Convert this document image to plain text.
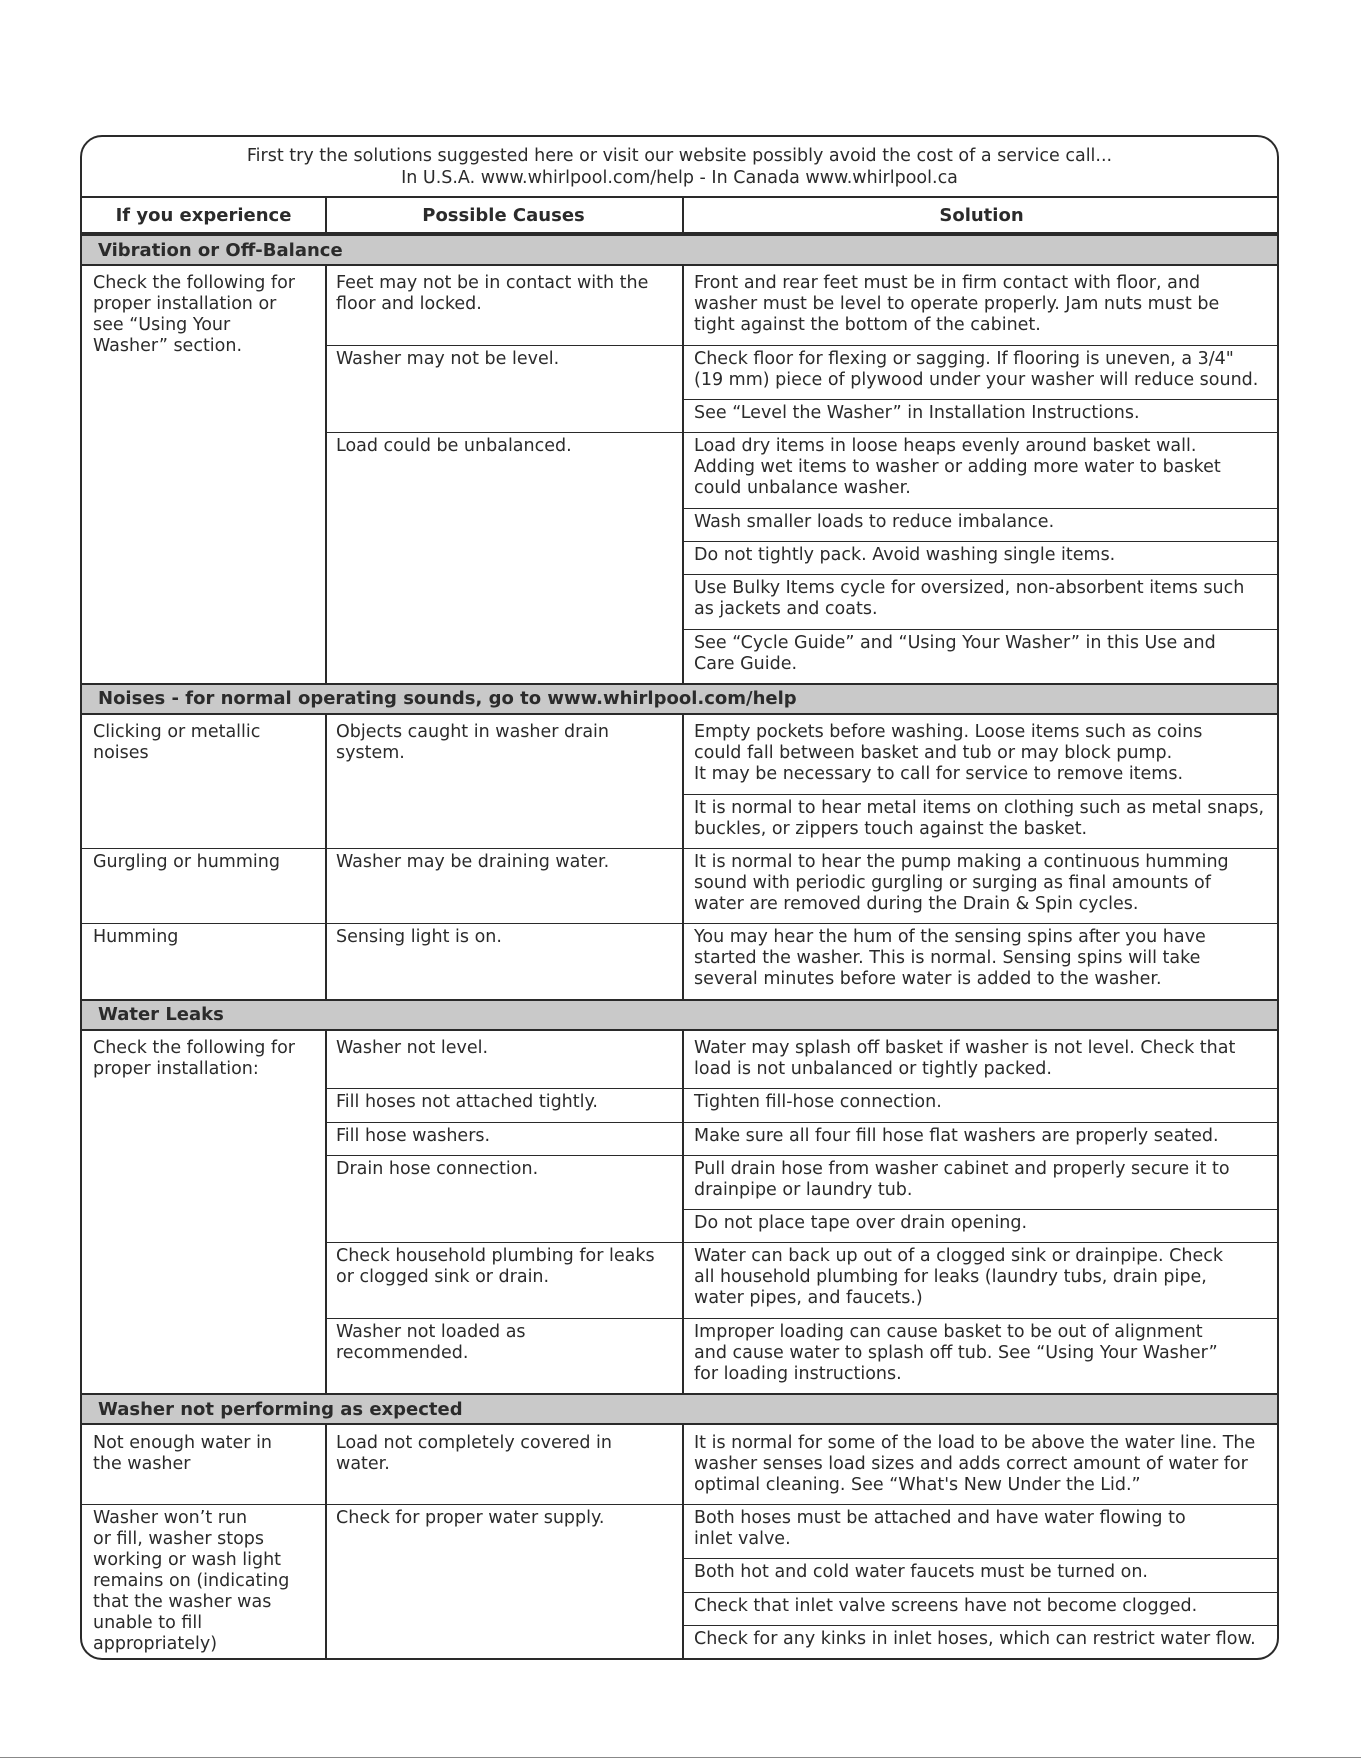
First try the solutions suggested here or visit our website possibly avoid the cost of a service call...
In U.S.A. www.whirlpool.com/help - In Canada www.whirlpool.ca
If you experience	Possible Causes	Solution
Vibration or Off-Balance
Front and rear feet must be in firm contact with floor, and
washer must be level to operate properly. Jam nuts must be
tight against the bottom of the cabinet.
Feet may not be in contact with the
floor and locked.
Check floor for flexing or sagging. If flooring is uneven, a 3/4"
(19 mm) piece of plywood under your washer will reduce sound.
See “Level the Washer” in Installation Instructions.
Washer may not be level.
Load dry items in loose heaps evenly around basket wall.
Adding wet items to washer or adding more water to basket
could unbalance washer.
Wash smaller loads to reduce imbalance.
Do not tightly pack. Avoid washing single items.
Use Bulky Items cycle for oversized, non-absorbent items such
as jackets and coats.
See “Cycle Guide” and “Using Your Washer” in this Use and
Care Guide.
Load could be unbalanced.
Check the following for
proper installation or
see “Using Your
Washer” section.
Noises - for normal operating sounds, go to www.whirlpool.com/help
Empty pockets before washing. Loose items such as coins
could fall between basket and tub or may block pump.
It may be necessary to call for service to remove items.
It is normal to hear metal items on clothing such as metal snaps,
buckles, or zippers touch against the basket.
Objects caught in washer drain
system.
Clicking or metallic
noises
It is normal to hear the pump making a continuous humming
sound with periodic gurgling or surging as final amounts of
water are removed during the Drain & Spin cycles.
Washer may be draining water.
Gurgling or humming
You may hear the hum of the sensing spins after you have
started the washer. This is normal. Sensing spins will take
several minutes before water is added to the washer.
Sensing light is on.
Humming
Water Leaks
Water may splash off basket if washer is not level. Check that
load is not unbalanced or tightly packed.
Washer not level.
Tighten fill-hose connection.
Fill hoses not attached tightly.
Make sure all four fill hose flat washers are properly seated.
Fill hose washers.
Pull drain hose from washer cabinet and properly secure it to
drainpipe or laundry tub.
Do not place tape over drain opening.
Drain hose connection.
Water can back up out of a clogged sink or drainpipe. Check
all household plumbing for leaks (laundry tubs, drain pipe,
water pipes, and faucets.)
Check household plumbing for leaks
or clogged sink or drain.
Improper loading can cause basket to be out of alignment
and cause water to splash off tub. See “Using Your Washer”
for loading instructions.
Washer not loaded as
recommended.
Check the following for
proper installation:
Washer not performing as expected
It is normal for some of the load to be above the water line. The
washer senses load sizes and adds correct amount of water for
optimal cleaning. See “What's New Under the Lid.”
Load not completely covered in
water.
Not enough water in
the washer
Both hoses must be attached and have water flowing to
inlet valve.
Both hot and cold water faucets must be turned on.
Check that inlet valve screens have not become clogged.
Check for any kinks in inlet hoses, which can restrict water flow.
Check for proper water supply.
Washer won’t run
or fill, washer stops
working or wash light
remains on (indicating
that the washer was
unable to fill
appropriately)
